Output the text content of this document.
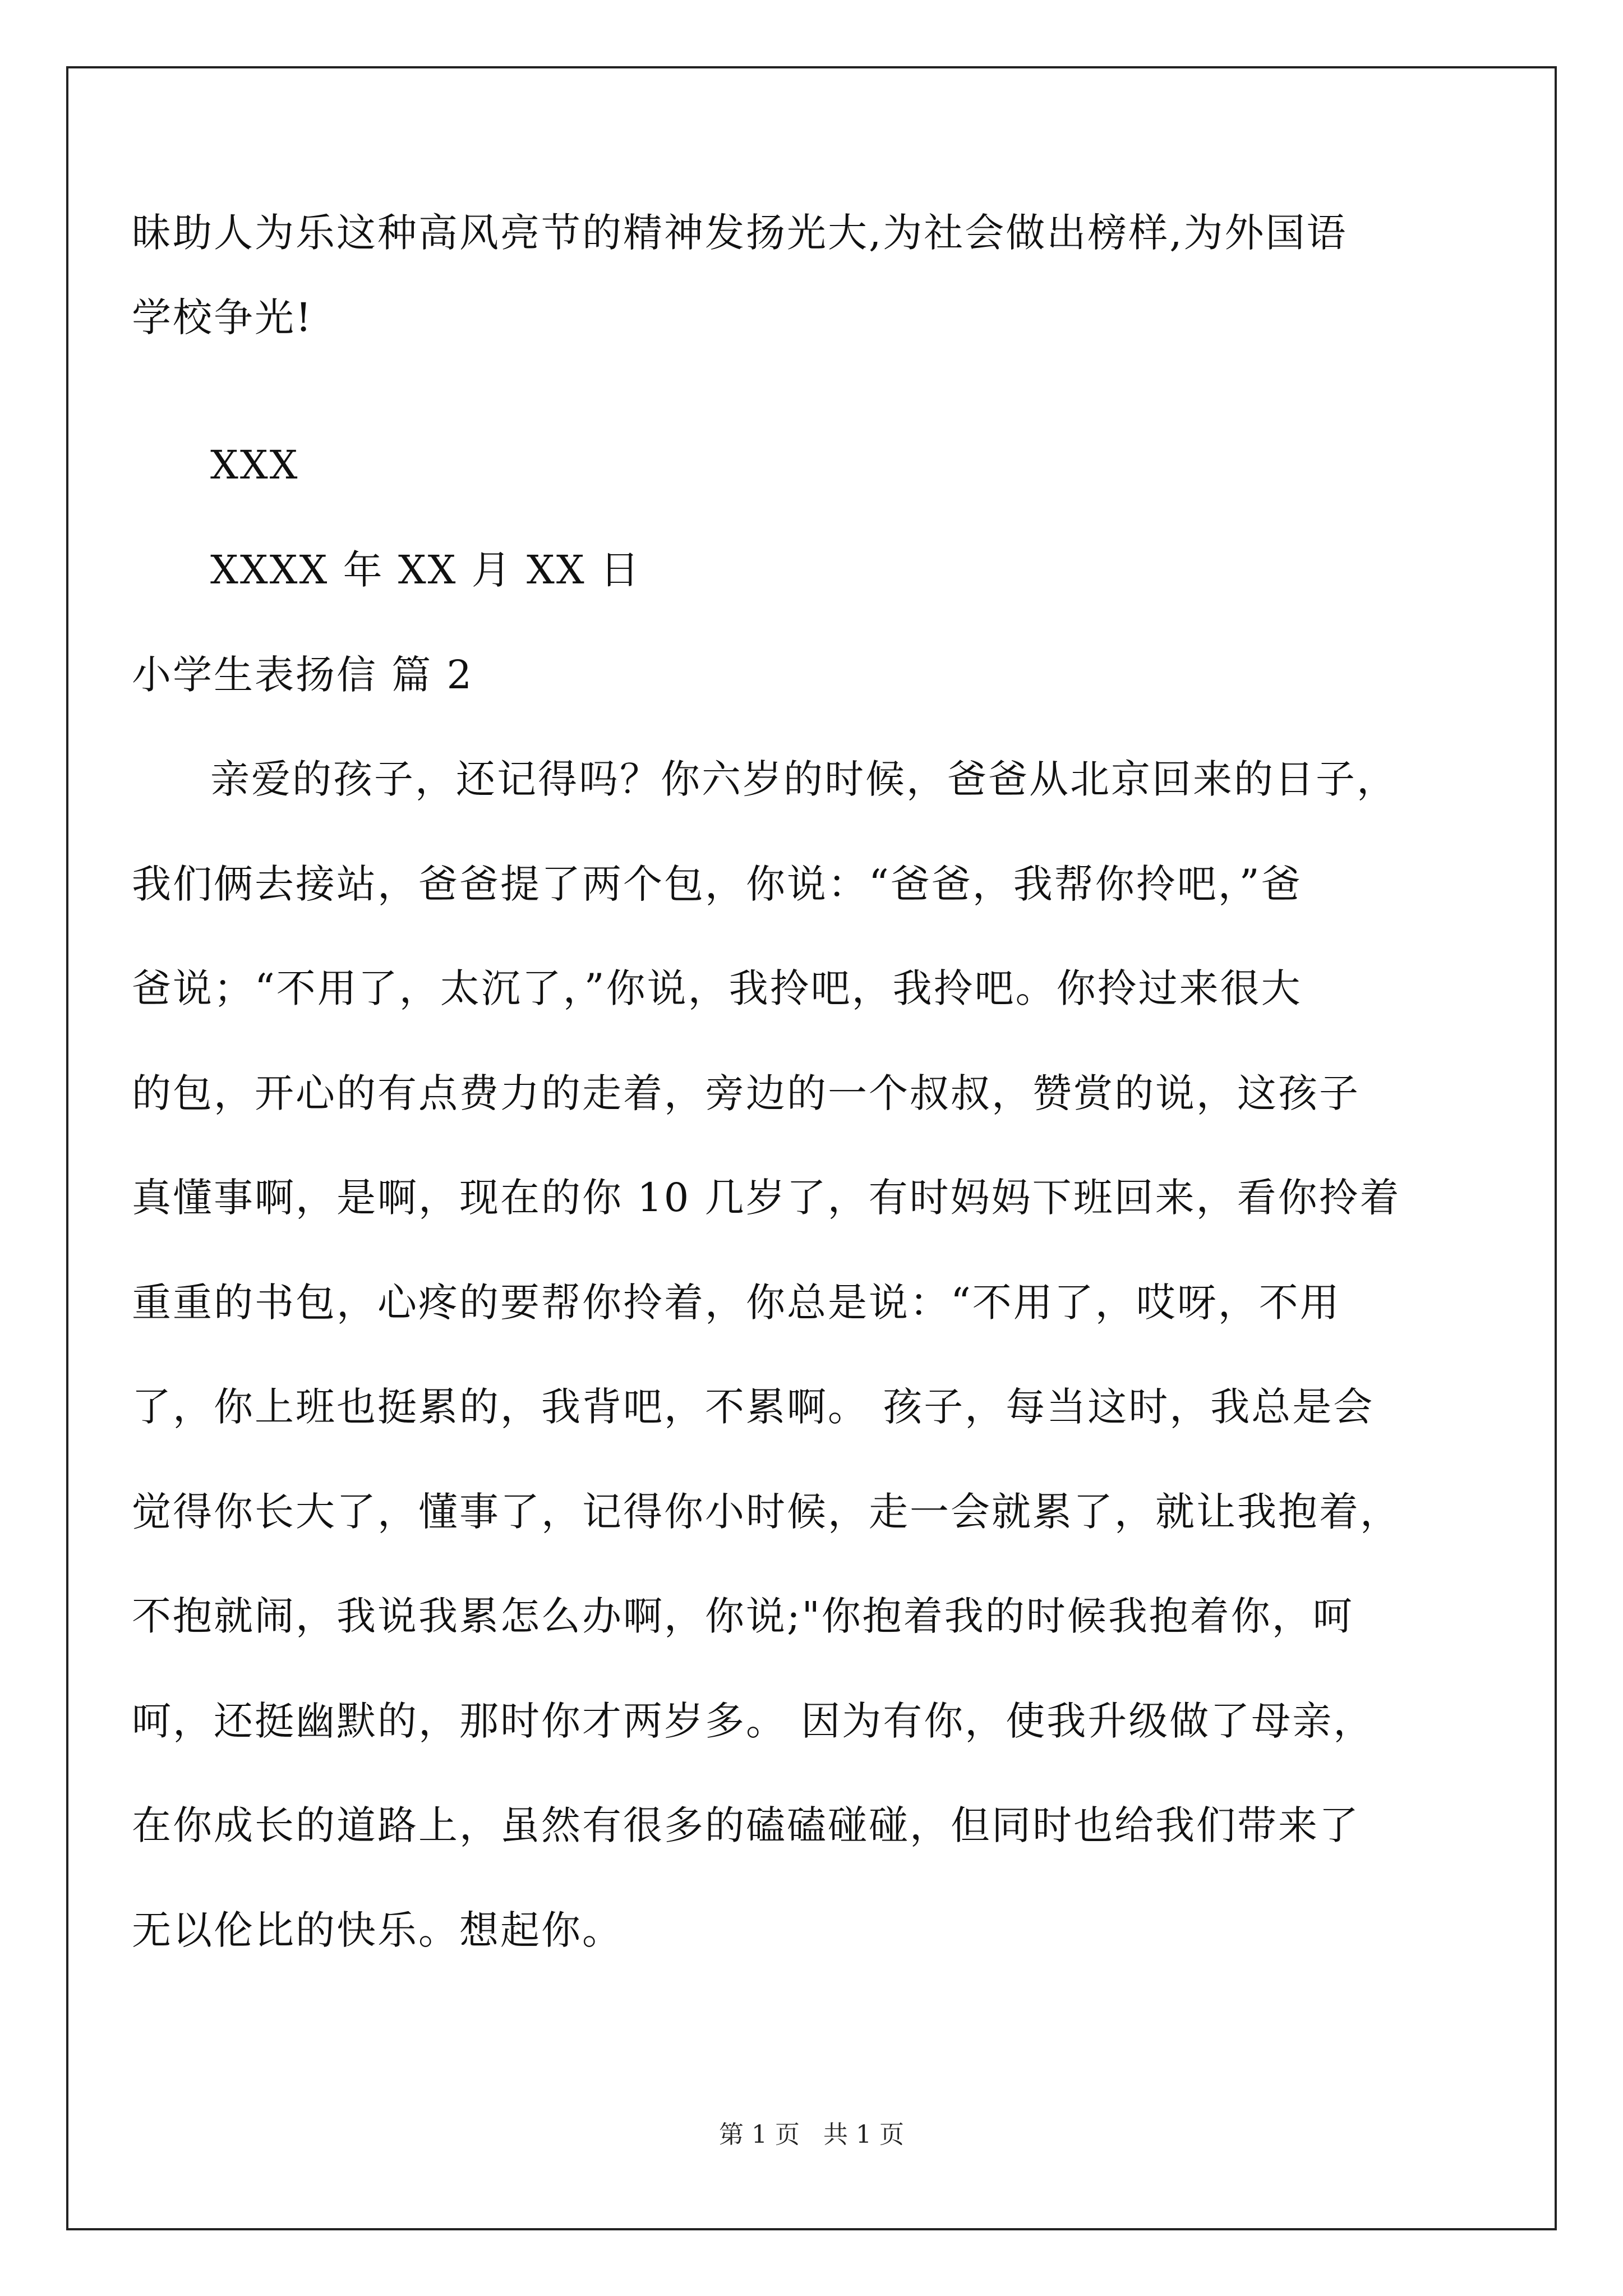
昧助人为乐这种高风亮节的精神发扬光大,为社会做出榜样,为外国语
学校争光!
XXX
XXXX 年 XX 月 XX 日
小学生表扬信 篇 2
亲爱的孩子，还记得吗？你六岁的时候，爸爸从北京回来的日子，
我们俩去接站，爸爸提了两个包，你说：“爸爸，我帮你拎吧，”爸
爸说；“不用了，太沉了，”你说，我拎吧，我拎吧。你拎过来很大
的包，开心的有点费力的走着，旁边的一个叔叔，赞赏的说，这孩子
真懂事啊，是啊，现在的你 10 几岁了，有时妈妈下班回来，看你拎着
重重的书包，心疼的要帮你拎着，你总是说：“不用了，哎呀，不用
了，你上班也挺累的，我背吧，不累啊。 孩子，每当这时，我总是会
觉得你长大了，懂事了，记得你小时候，走一会就累了，就让我抱着，
不抱就闹，我说我累怎么办啊，你说;"你抱着我的时候我抱着你，呵
呵，还挺幽默的，那时你才两岁多。 因为有你，使我升级做了母亲，
在你成长的道路上，虽然有很多的磕磕碰碰，但同时也给我们带来了
无以伦比的快乐。想起你。
第 1 页 共 1 页
